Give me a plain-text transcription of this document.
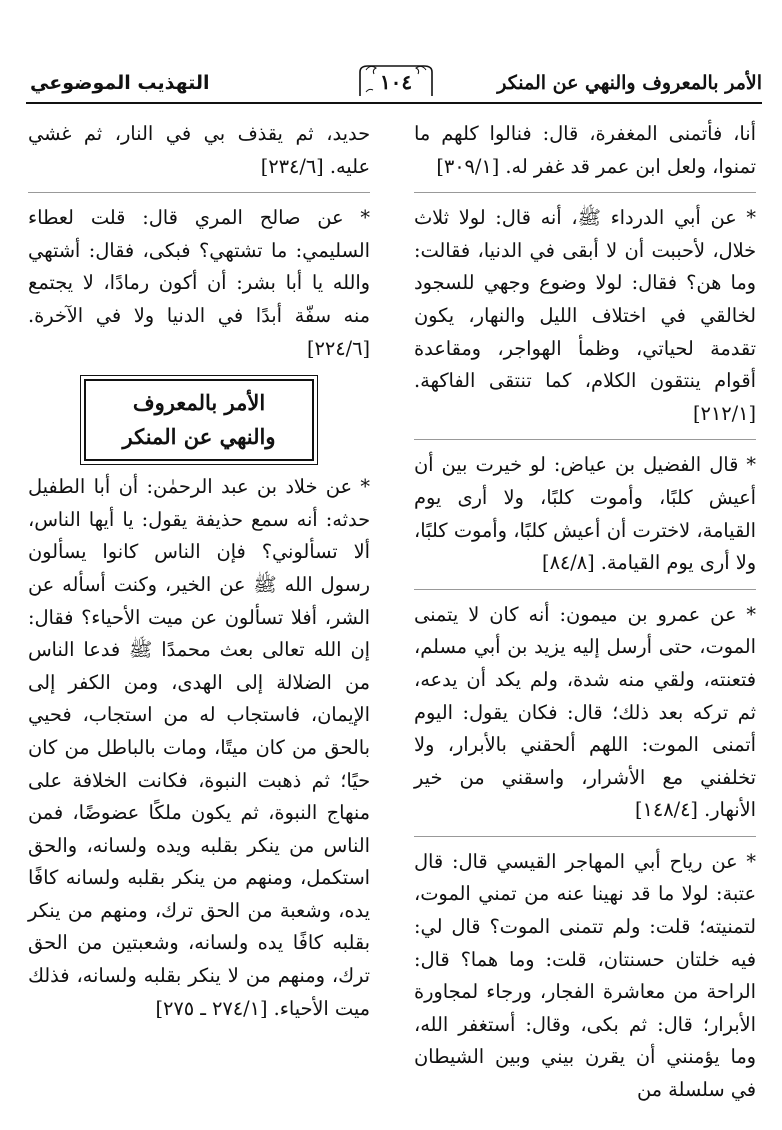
الأمر بالمعروف والنهي عن المنكر
١٠٤
التهذيب الموضوعي

أنا، فأتمنى المغفرة، قال: فنالوا كلهم ما تمنوا، ولعل ابن عمر قد غفر له. [٣٠٩/١]

* عن أبي الدرداء ﷺ، أنه قال: لولا ثلاث خلال، لأحببت أن لا أبقى في الدنيا، فقالت: وما هن؟ فقال: لولا وضوع وجهي للسجود لخالقي في اختلاف الليل والنهار، يكون تقدمة لحياتي، وظمأ الهواجر، ومقاعدة أقوام ينتقون الكلام، كما تنتقى الفاكهة. [٢١٢/١]

* قال الفضيل بن عياض: لو خيرت بين أن أعيش كلبًا، وأموت كلبًا، ولا أرى يوم القيامة، لاخترت أن أعيش كلبًا، وأموت كلبًا، ولا أرى يوم القيامة. [٨٤/٨]

* عن عمرو بن ميمون: أنه كان لا يتمنى الموت، حتى أرسل إليه يزيد بن أبي مسلم، فتعنته، ولقي منه شدة، ولم يكد أن يدعه، ثم تركه بعد ذلك؛ قال: فكان يقول: اليوم أتمنى الموت: اللهم ألحقني بالأبرار، ولا تخلفني مع الأشرار، واسقني من خير الأنهار. [١٤٨/٤]

* عن رياح أبي المهاجر القيسي قال: قال عتبة: لولا ما قد نهينا عنه من تمني الموت، لتمنيته؛ قلت: ولم تتمنى الموت؟ قال لي: فيه خلتان حسنتان، قلت: وما هما؟ قال: الراحة من معاشرة الفجار، ورجاء لمجاورة الأبرار؛ قال: ثم بكى، وقال: أستغفر الله، وما يؤمنني أن يقرن بيني وبين الشيطان في سلسلة من

حديد، ثم يقذف بي في النار، ثم غشي عليه. [٢٣٤/٦]

* عن صالح المري قال: قلت لعطاء السليمي: ما تشتهي؟ فبكى، فقال: أشتهي والله يا أبا بشر: أن أكون رمادًا، لا يجتمع منه سفّة أبدًا في الدنيا ولا في الآخرة. [٢٢٤/٦]

الأمر بالمعروف
والنهي عن المنكر

* عن خلاد بن عبد الرحمٰن: أن أبا الطفيل حدثه: أنه سمع حذيفة يقول: يا أيها الناس، ألا تسألوني؟ فإن الناس كانوا يسألون رسول الله ﷺ عن الخير، وكنت أسأله عن الشر، أفلا تسألون عن ميت الأحياء؟ فقال: إن الله تعالى بعث محمدًا ﷺ فدعا الناس من الضلالة إلى الهدى، ومن الكفر إلى الإيمان، فاستجاب له من استجاب، فحيي بالحق من كان ميتًا، ومات بالباطل من كان حيًا؛ ثم ذهبت النبوة، فكانت الخلافة على منهاج النبوة، ثم يكون ملكًا عضوضًا، فمن الناس من ينكر بقلبه ويده ولسانه، والحق استكمل، ومنهم من ينكر بقلبه ولسانه كافًا يده، وشعبة من الحق ترك، ومنهم من ينكر بقلبه كافًا يده ولسانه، وشعبتين من الحق ترك، ومنهم من لا ينكر بقلبه ولسانه، فذلك ميت الأحياء. [٢٧٤/١ ـ ٢٧٥]
